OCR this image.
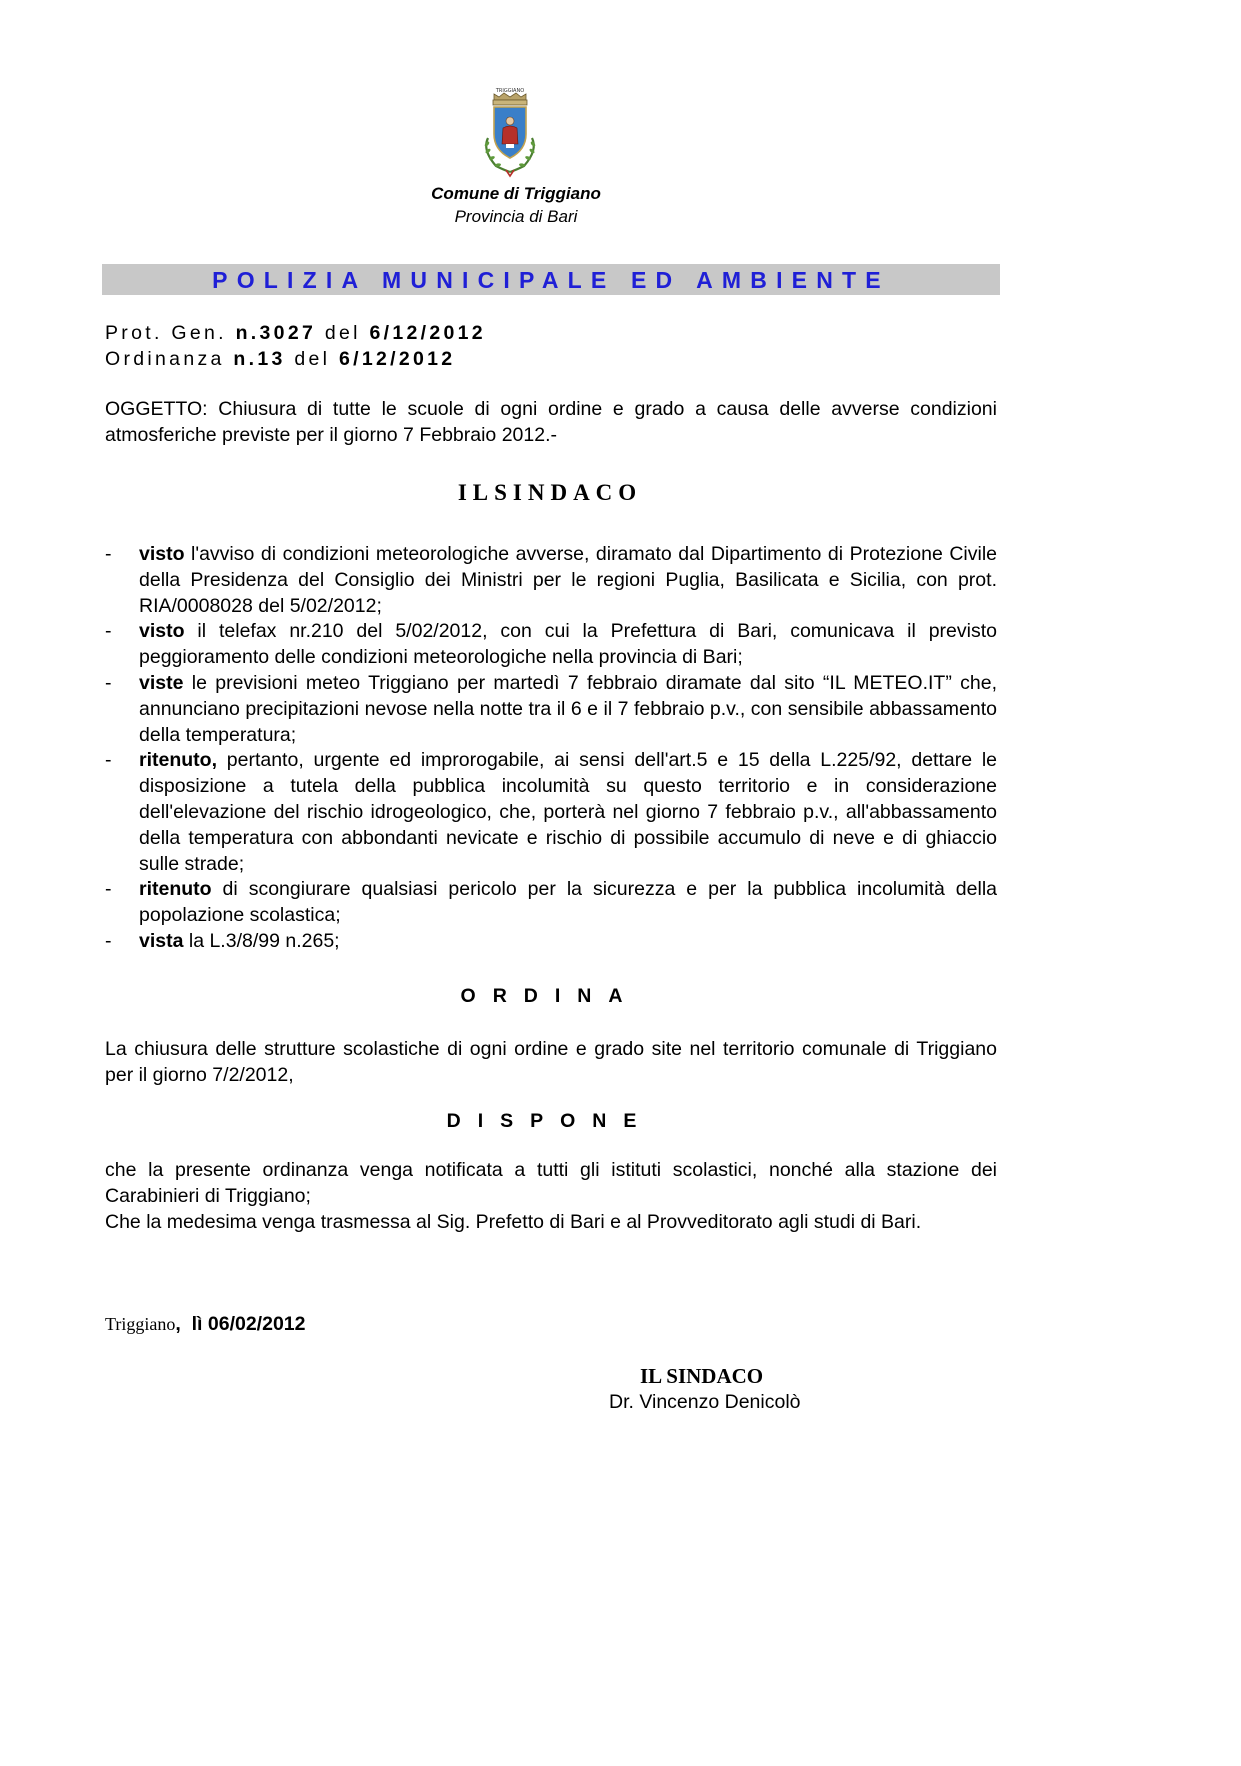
TRIGGIANO
Comune di Triggiano
Provincia di Bari
POLIZIA MUNICIPALE ED AMBIENTE
Prot. Gen. n.3027 del 6/12/2012
Ordinanza n.13 del 6/12/2012
OGGETTO: Chiusura di tutte le scuole di ogni ordine e grado a causa delle avverse condizioni atmosferiche previste per il giorno 7 Febbraio 2012.-
ILSINDACO
- visto l'avviso di condizioni meteorologiche avverse, diramato dal Dipartimento di Protezione Civile della Presidenza del Consiglio dei Ministri per le regioni Puglia, Basilicata e Sicilia, con prot. RIA/0008028 del 5/02/2012;
- visto il telefax nr.210 del 5/02/2012, con cui la Prefettura di Bari, comunicava il previsto peggioramento delle condizioni meteorologiche nella provincia di Bari;
- viste le previsioni meteo Triggiano per martedì 7 febbraio diramate dal sito “IL METEO.IT” che, annunciano precipitazioni nevose nella notte tra il 6 e il 7 febbraio p.v., con sensibile abbassamento della temperatura;
- ritenuto, pertanto, urgente ed improrogabile, ai sensi dell'art.5 e 15 della L.225/92, dettare le disposizione a tutela della pubblica incolumità su questo territorio e in considerazione dell'elevazione del rischio idrogeologico, che, porterà nel giorno 7 febbraio p.v., all'abbassamento della temperatura con abbondanti nevicate e rischio di possibile accumulo di neve e di ghiaccio sulle strade;
- ritenuto di scongiurare qualsiasi pericolo per la sicurezza e per la pubblica incolumità della popolazione scolastica;
- vista la L.3/8/99 n.265;
ORDINA
La chiusura delle strutture scolastiche di ogni ordine e grado site nel territorio comunale di Triggiano per il giorno 7/2/2012,
DISPONE
che la presente ordinanza venga notificata a tutti gli istituti scolastici, nonché alla stazione dei Carabinieri di Triggiano;
Che la medesima venga trasmessa al Sig. Prefetto di Bari e al Provveditorato agli studi di Bari.
Triggiano,  lì 06/02/2012
IL SINDACO
Dr. Vincenzo Denicolò
